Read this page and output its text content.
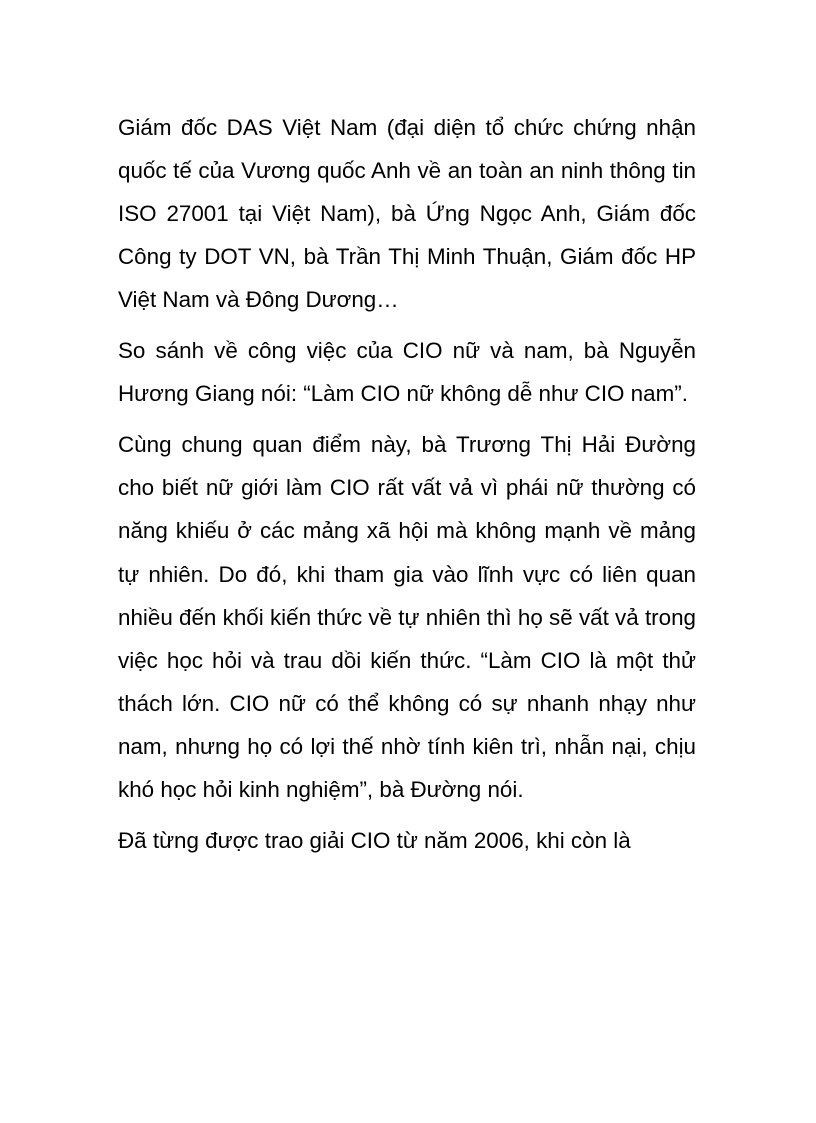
Giám đốc DAS Việt Nam (đại diện tổ chức chứng nhận quốc tế của Vương quốc Anh về an toàn an ninh thông tin ISO 27001 tại Việt Nam), bà Ứng Ngọc Anh, Giám đốc Công ty DOT VN, bà Trần Thị Minh Thuận, Giám đốc HP Việt Nam và Đông Dương…

So sánh về công việc của CIO nữ và nam, bà Nguyễn Hương Giang nói: “Làm CIO nữ không dễ như CIO nam”.

Cùng chung quan điểm này, bà Trương Thị Hải Đường cho biết nữ giới làm CIO rất vất vả vì phái nữ thường có năng khiếu ở các mảng xã hội mà không mạnh về mảng tự nhiên. Do đó, khi tham gia vào lĩnh vực có liên quan nhiều đến khối kiến thức về tự nhiên thì họ sẽ vất vả trong việc học hỏi và trau dồi kiến thức. “Làm CIO là một thử thách lớn. CIO nữ có thể không có sự nhanh nhạy như nam, nhưng họ có lợi thế nhờ tính kiên trì, nhẫn nại, chịu khó học hỏi kinh nghiệm”, bà Đường nói.

Đã từng được trao giải CIO từ năm 2006, khi còn là
